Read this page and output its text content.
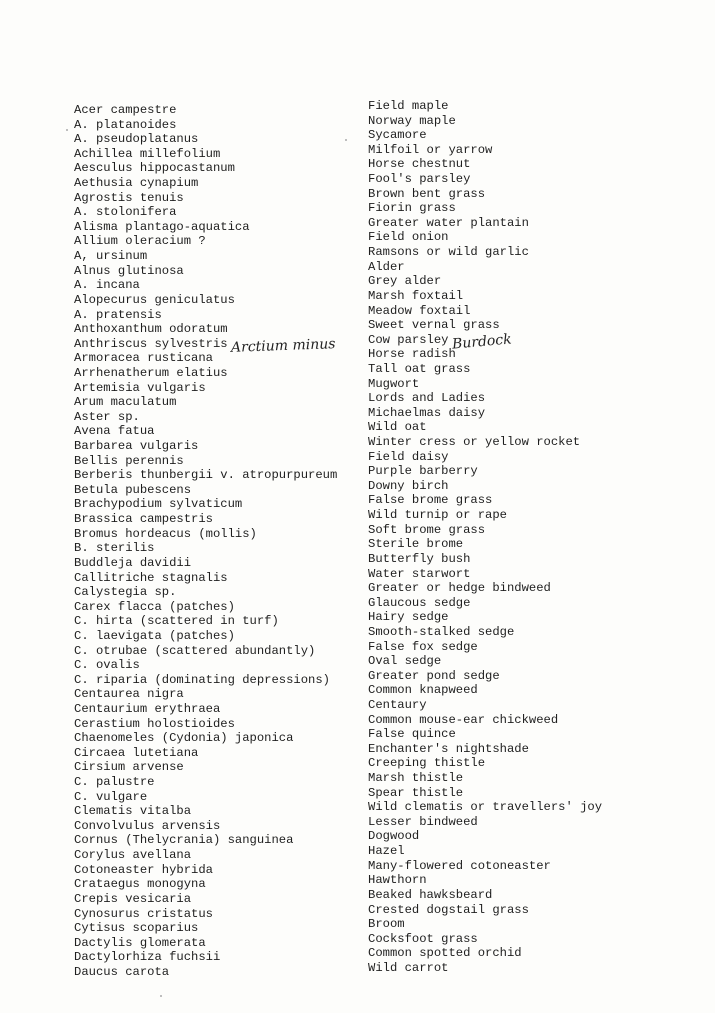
Acer campestre
A. platanoides
A. pseudoplatanus
Achillea millefolium
Aesculus hippocastanum
Aethusia cynapium
Agrostis tenuis
A. stolonifera
Alisma plantago-aquatica
Allium oleracium ?
A, ursinum
Alnus glutinosa
A. incana
Alopecurus geniculatus
A. pratensis
Anthoxanthum odoratum
Anthriscus sylvestris
Armoracea rusticana
Arrhenatherum elatius
Artemisia vulgaris
Arum maculatum
Aster sp.
Avena fatua
Barbarea vulgaris
Bellis perennis
Berberis thunbergii v. atropurpureum
Betula pubescens
Brachypodium sylvaticum
Brassica campestris
Bromus hordeacus (mollis)
B. sterilis
Buddleja davidii
Callitriche stagnalis
Calystegia sp.
Carex flacca (patches)
C. hirta (scattered in turf)
C. laevigata (patches)
C. otrubae (scattered abundantly)
C. ovalis
C. riparia (dominating depressions)
Centaurea nigra
Centaurium erythraea
Cerastium holostioides
Chaenomeles (Cydonia) japonica
Circaea lutetiana
Cirsium arvense
C. palustre
C. vulgare
Clematis vitalba
Convolvulus arvensis
Cornus (Thelycrania) sanguinea
Corylus avellana
Cotoneaster hybrida
Crataegus monogyna
Crepis vesicaria
Cynosurus cristatus
Cytisus scoparius
Dactylis glomerata
Dactylorhiza fuchsii
Daucus carota
Field maple
Norway maple
Sycamore
Milfoil or yarrow
Horse chestnut
Fool's parsley
Brown bent grass
Fiorin grass
Greater water plantain
Field onion
Ramsons or wild garlic
Alder
Grey alder
Marsh foxtail
Meadow foxtail
Sweet vernal grass
Cow parsley
Horse radish
Tall oat grass
Mugwort
Lords and Ladies
Michaelmas daisy
Wild oat
Winter cress or yellow rocket
Field daisy
Purple barberry
Downy birch
False brome grass
Wild turnip or rape
Soft brome grass
Sterile brome
Butterfly bush
Water starwort
Greater or hedge bindweed
Glaucous sedge
Hairy sedge
Smooth-stalked sedge
False fox sedge
Oval sedge
Greater pond sedge
Common knapweed
Centaury
Common mouse-ear chickweed
False quince
Enchanter's nightshade
Creeping thistle
Marsh thistle
Spear thistle
Wild clematis or travellers' joy
Lesser bindweed
Dogwood
Hazel
Many-flowered cotoneaster
Hawthorn
Beaked hawksbeard
Crested dogstail grass
Broom
Cocksfoot grass
Common spotted orchid
Wild carrot
Arctium minus	Burdock
